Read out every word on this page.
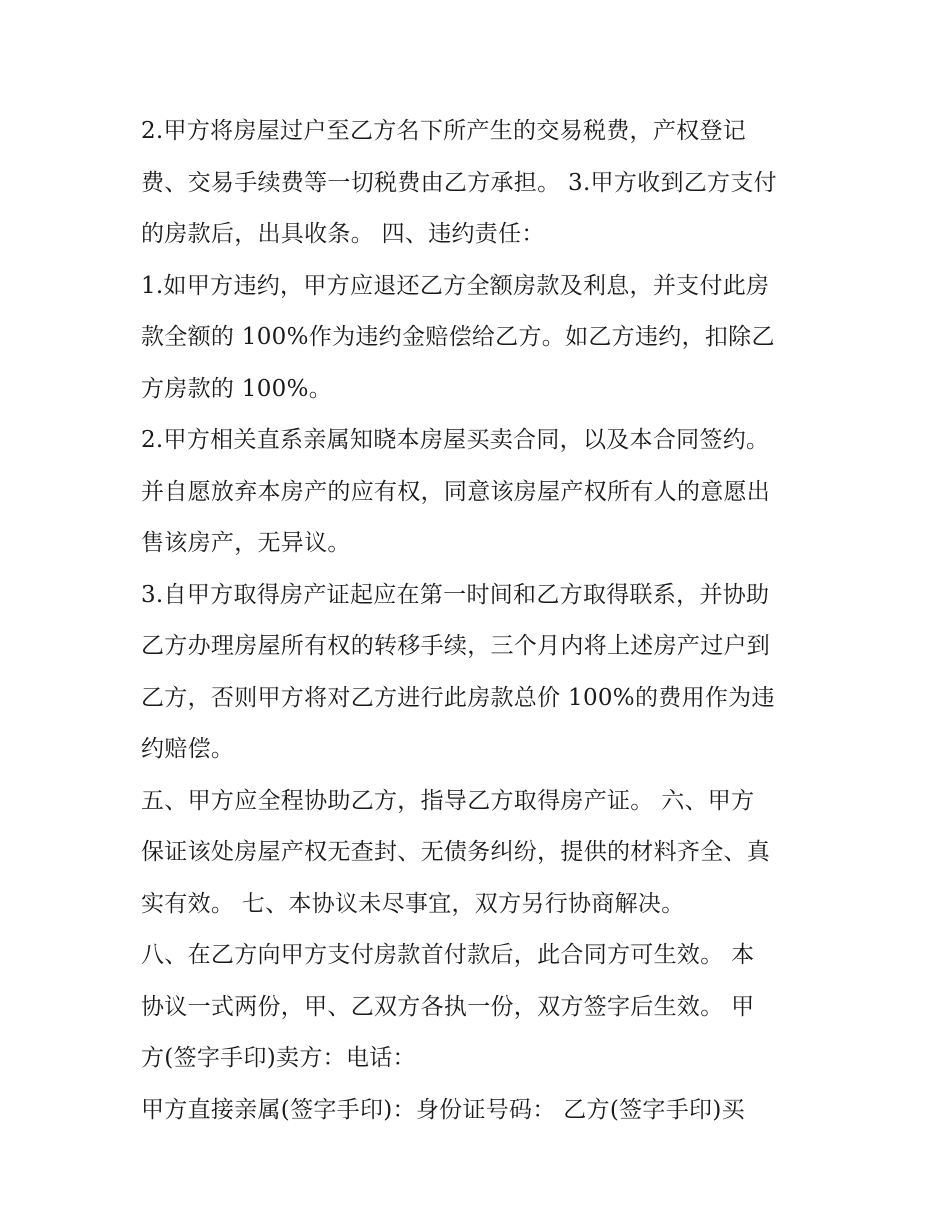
2.甲方将房屋过户至乙方名下所产生的交易税费，产权登记
费、交易手续费等一切税费由乙方承担。 3.甲方收到乙方支付
的房款后，出具收条。 四、违约责任：
1.如甲方违约，甲方应退还乙方全额房款及利息，并支付此房
款全额的 100%作为违约金赔偿给乙方。如乙方违约，扣除乙
方房款的 100%。
2.甲方相关直系亲属知晓本房屋买卖合同，以及本合同签约。
并自愿放弃本房产的应有权，同意该房屋产权所有人的意愿出
售该房产，无异议。
3.自甲方取得房产证起应在第一时间和乙方取得联系，并协助
乙方办理房屋所有权的转移手续，三个月内将上述房产过户到
乙方，否则甲方将对乙方进行此房款总价 100%的费用作为违
约赔偿。
五、甲方应全程协助乙方，指导乙方取得房产证。 六、甲方
保证该处房屋产权无查封、无债务纠纷，提供的材料齐全、真
实有效。 七、本协议未尽事宜，双方另行协商解决。
八、在乙方向甲方支付房款首付款后，此合同方可生效。 本
协议一式两份，甲、乙双方各执一份，双方签字后生效。 甲
方(签字手印)卖方：电话：
甲方直接亲属(签字手印)：身份证号码： 乙方(签字手印)买
